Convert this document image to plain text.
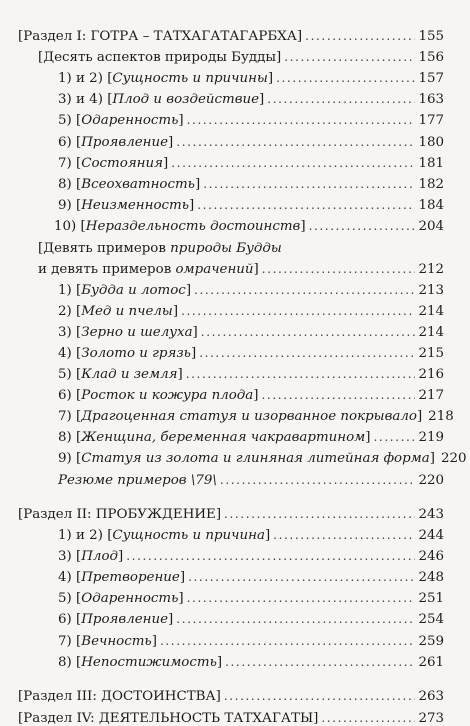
[Раздел I: ГОТРА – ТАТХАГАТАГАРБХА] .....	155
[Десять аспектов природы Будды] .....	156
1) и 2) [Сущность и причины] .....	157
3) и 4) [Плод и воздействие] .....	163
5) [Одаренность] .....	177
6) [Проявление] .....	180
7) [Состояния] .....	181
8) [Всеохватность] .....	182
9) [Неизменность] .....	184
10) [Нераздельность достоинств] .....	204
[Девять примеров природы Будды
и девять примеров омрачений] .....	212
1) [Будда и лотос] .....	213
2) [Мед и пчелы] .....	214
3) [Зерно и шелуха] .....	214
4) [Золото и грязь] .....	215
5) [Клад и земля] .....	216
6) [Росток и кожура плода] .....	217
7) [Драгоценная статуя и изорванное покрывало] 218
8) [Женщина, беременная чакравартином] .....	219
9) [Статуя из золота и глиняная литейная форма] 220
Резюме примеров \79\ .....	220
[Раздел II: ПРОБУЖДЕНИЕ] .....	243
1) и 2) [Сущность и причина] .....	244
3) [Плод] .....	246
4) [Претворение] .....	248
5) [Одаренность] .....	251
6) [Проявление] .....	254
7) [Вечность] .....	259
8) [Непостижимость] .....	261
[Раздел III: ДОСТОИНСТВА] .....	263
[Раздел IV: ДЕЯТЕЛЬНОСТЬ ТАТХАГАТЫ] .....	273
